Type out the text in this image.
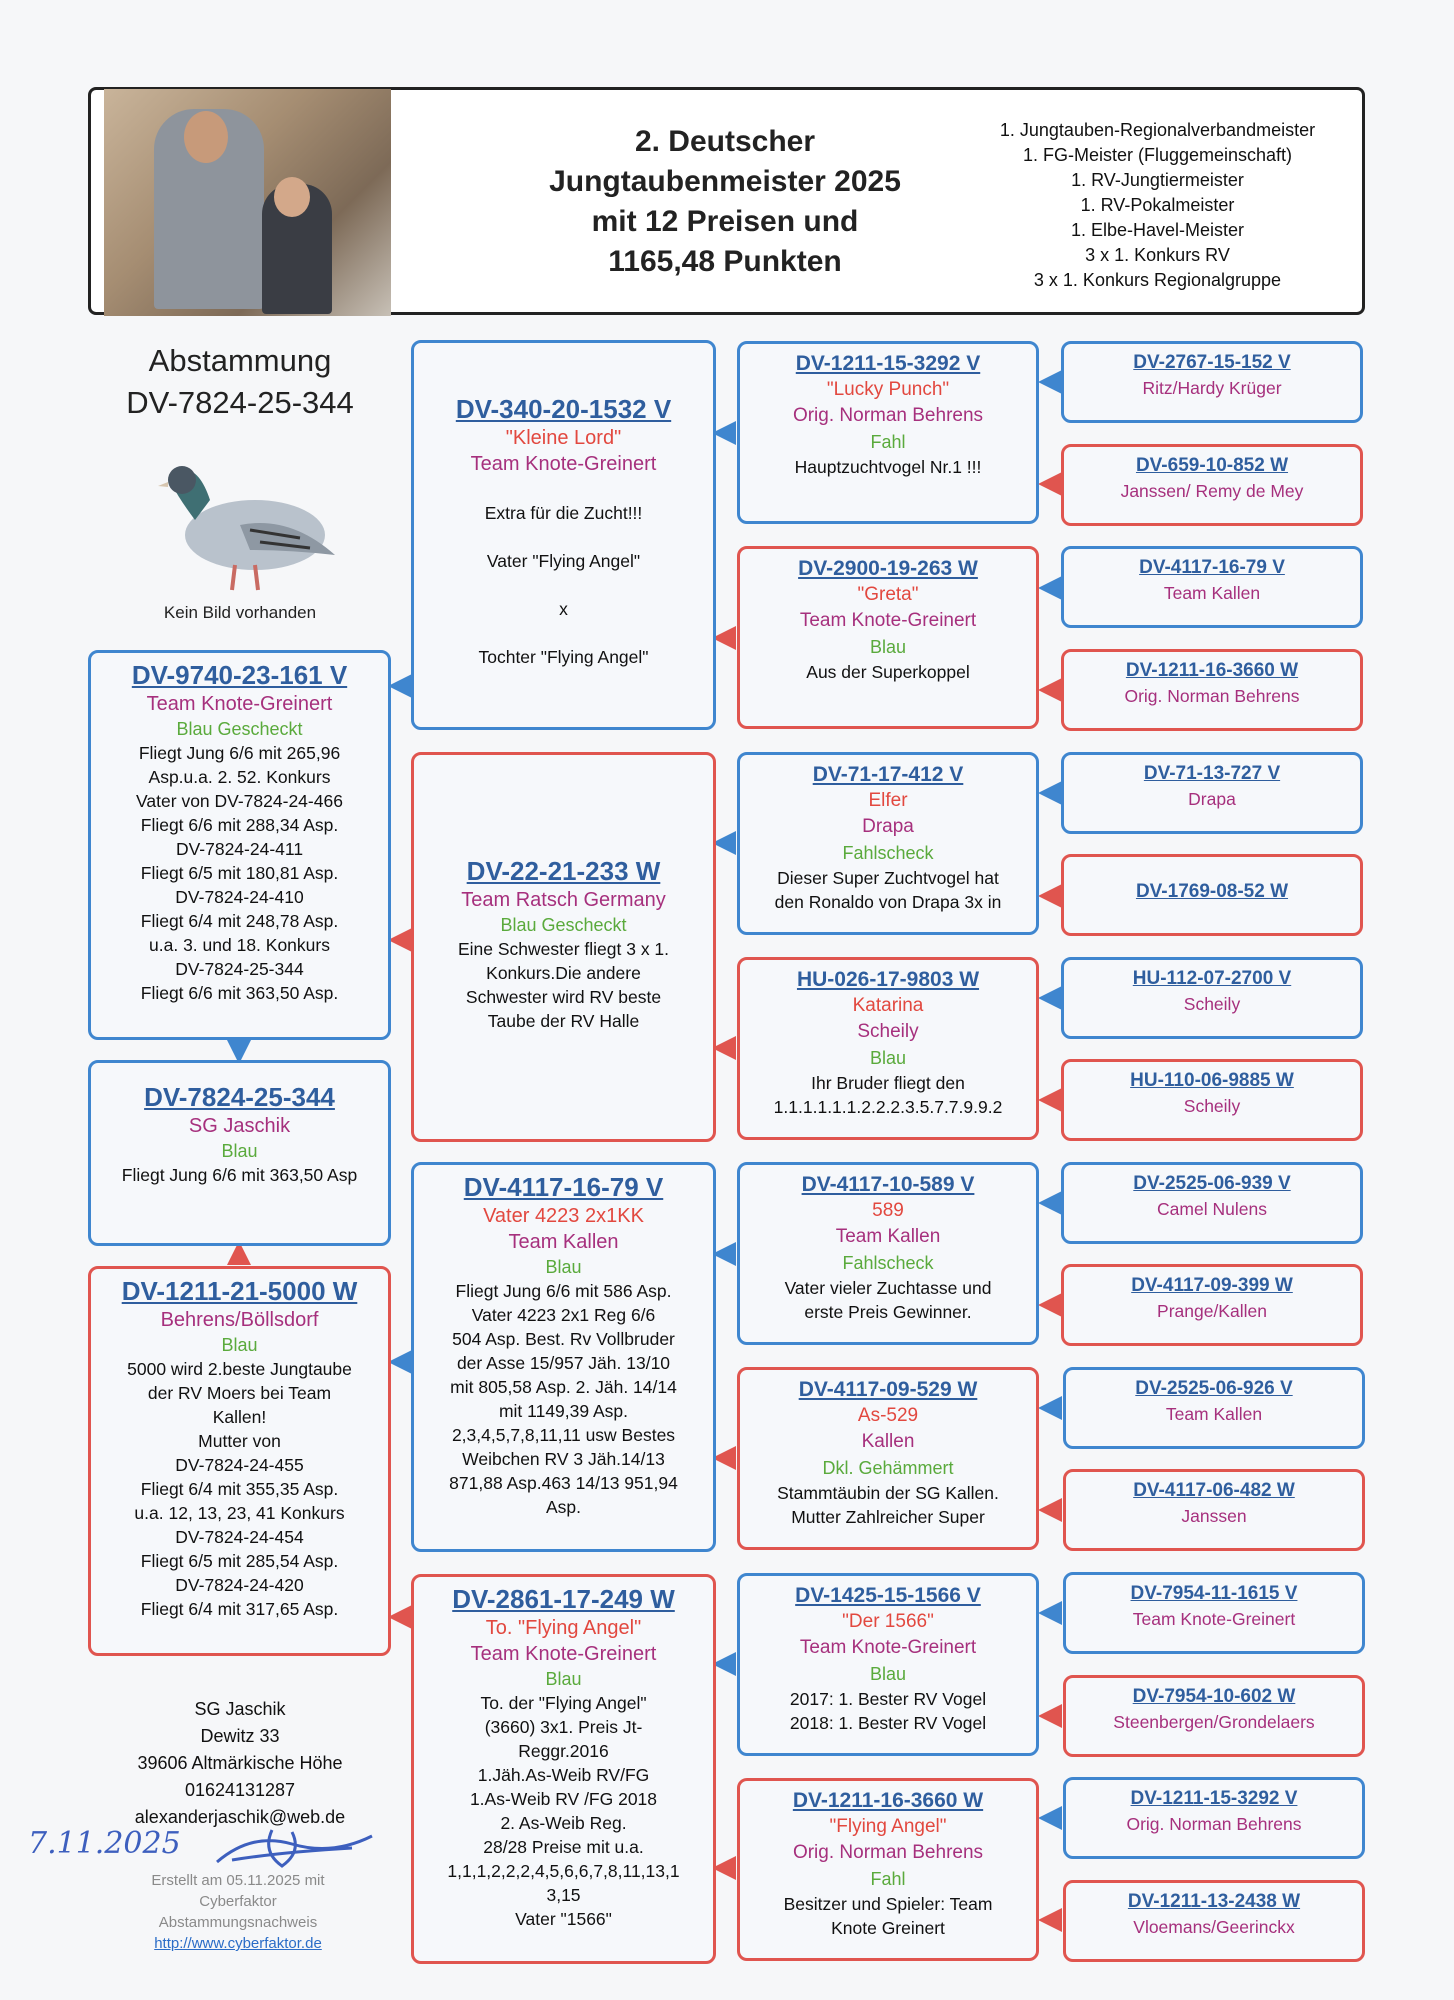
2. Deutscher
Jungtaubenmeister 2025
mit 12 Preisen und
1165,48 Punkten
1. Jungtauben-Regionalverbandmeister
1. FG-Meister (Fluggemeinschaft)
1. RV-Jungtiermeister
1. RV-Pokalmeister
1. Elbe-Havel-Meister
3 x 1. Konkurs RV
3 x 1. Konkurs Regionalgruppe
Abstammung
DV-7824-25-344
Kein Bild vorhanden
DV-9740-23-161 V
Team Knote-Greinert
Blau Gescheckt
Fliegt Jung 6/6 mit 265,96
Asp.u.a. 2. 52. Konkurs
Vater von DV-7824-24-466
Fliegt 6/6 mit 288,34 Asp.
DV-7824-24-411
Fliegt 6/5 mit 180,81 Asp.
DV-7824-24-410
Fliegt 6/4 mit 248,78 Asp.
u.a. 3. und 18. Konkurs
DV-7824-25-344
Fliegt 6/6 mit 363,50 Asp.
DV-7824-25-344
SG Jaschik
Blau
Fliegt Jung 6/6 mit 363,50 Asp
DV-1211-21-5000 W
Behrens/Böllsdorf
Blau
5000 wird 2.beste Jungtaube
der RV Moers bei Team
Kallen!
Mutter von
DV-7824-24-455
Fliegt 6/4 mit 355,35 Asp.
u.a. 12, 13, 23, 41 Konkurs
DV-7824-24-454
Fliegt 6/5 mit 285,54 Asp.
DV-7824-24-420
Fliegt 6/4 mit 317,65 Asp.
DV-340-20-1532 V
"Kleine Lord"
Team Knote-Greinert
Extra für die Zucht!!!
Vater "Flying Angel"
x
Tochter "Flying Angel"
DV-22-21-233 W
Team Ratsch Germany
Blau Gescheckt
Eine Schwester fliegt 3 x 1.
Konkurs.Die andere
Schwester wird RV beste
Taube der RV Halle
DV-4117-16-79 V
Vater 4223 2x1KK
Team Kallen
Blau
Fliegt Jung 6/6 mit 586 Asp.
Vater 4223 2x1 Reg 6/6
504 Asp. Best. Rv Vollbruder
der Asse 15/957 Jäh. 13/10
mit 805,58 Asp. 2. Jäh. 14/14
mit 1149,39 Asp.
2,3,4,5,7,8,11,11 usw Bestes
Weibchen RV 3 Jäh.14/13
871,88 Asp.463 14/13 951,94
Asp.
DV-2861-17-249 W
To. "Flying Angel"
Team Knote-Greinert
Blau
To. der "Flying Angel"
(3660) 3x1. Preis Jt-
Reggr.2016
1.Jäh.As-Weib RV/FG
1.As-Weib RV /FG 2018
2. As-Weib Reg.
28/28 Preise mit u.a.
1,1,1,2,2,2,4,5,6,6,7,8,11,13,1
3,15
Vater "1566"
DV-1211-15-3292 V
"Lucky Punch"
Orig. Norman Behrens
Fahl
Hauptzuchtvogel Nr.1 !!!
DV-2900-19-263 W
"Greta"
Team Knote-Greinert
Blau
Aus der Superkoppel
DV-71-17-412 V
Elfer
Drapa
Fahlscheck
Dieser Super Zuchtvogel hat
den Ronaldo von Drapa 3x in
HU-026-17-9803 W
Katarina
Scheily
Blau
Ihr Bruder fliegt den
1.1.1.1.1.1.2.2.2.3.5.7.7.9.9.2
DV-4117-10-589 V
589
Team Kallen
Fahlscheck
Vater vieler Zuchtasse und
erste Preis Gewinner.
DV-4117-09-529 W
As-529
Kallen
Dkl. Gehämmert
Stammtäubin der SG Kallen.
Mutter Zahlreicher Super
DV-1425-15-1566 V
"Der 1566"
Team Knote-Greinert
Blau
2017: 1. Bester RV Vogel
2018: 1. Bester RV Vogel
DV-1211-16-3660 W
"Flying Angel"
Orig. Norman Behrens
Fahl
Besitzer und Spieler: Team
Knote Greinert
DV-2767-15-152 V
Ritz/Hardy Krüger
DV-659-10-852 W
Janssen/ Remy de Mey
DV-4117-16-79 V
Team Kallen
DV-1211-16-3660 W
Orig. Norman Behrens
DV-71-13-727 V
Drapa
DV-1769-08-52 W
HU-112-07-2700 V
Scheily
HU-110-06-9885 W
Scheily
DV-2525-06-939 V
Camel Nulens
DV-4117-09-399 W
Prange/Kallen
DV-2525-06-926 V
Team Kallen
DV-4117-06-482 W
Janssen
DV-7954-11-1615 V
Team Knote-Greinert
DV-7954-10-602 W
Steenbergen/Grondelaers
DV-1211-15-3292 V
Orig. Norman Behrens
DV-1211-13-2438 W
Vloemans/Geerinckx
SG Jaschik
Dewitz 33
39606 Altmärkische Höhe
01624131287
alexanderjaschik@web.de
7.11.2025
Erstellt am 05.11.2025 mit
Cyberfaktor
Abstammungsnachweis
http://www.cyberfaktor.de
